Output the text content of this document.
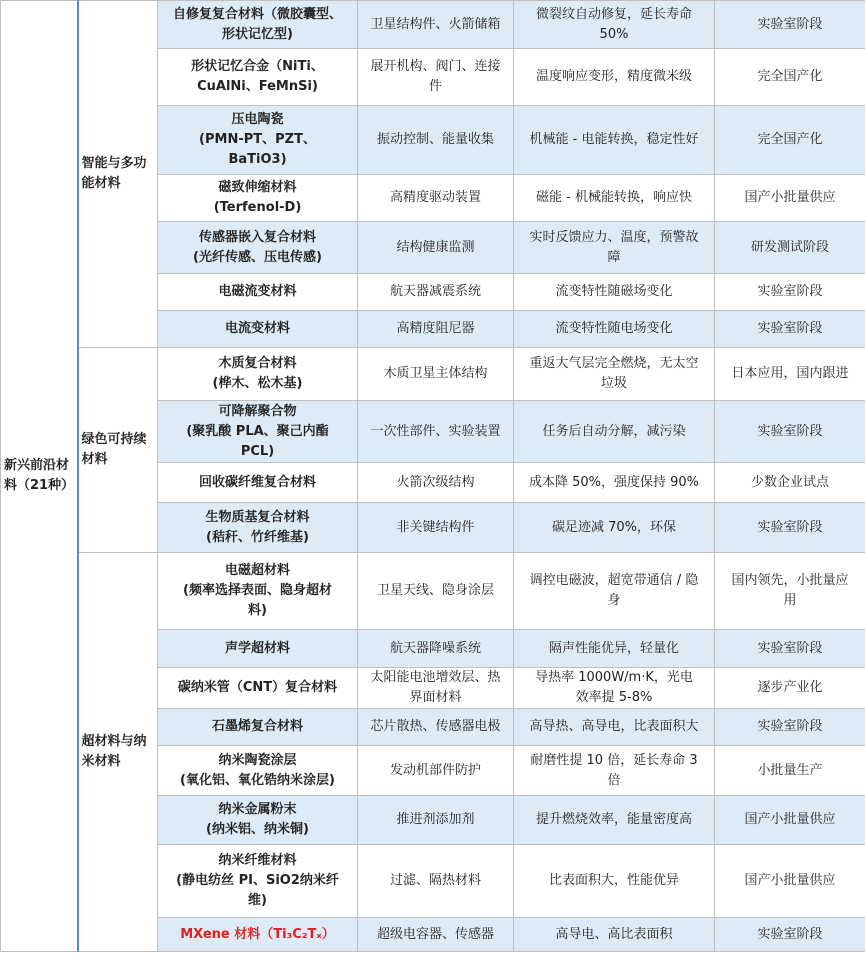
新兴前沿材料（21种）	智能与多功能材料	自修复复合材料（微胶囊型、
形状记忆型)	卫星结构件、火箭储箱	微裂纹自动修复，延长寿命
50%	实验室阶段

		形状记忆合金（NiTi、
CuAlNi、FeMnSi)	展开机构、阀门、连接
件	温度响应变形，精度微米级	完全国产化

		压电陶瓷
(PMN-PT、PZT、
BaTiO3)	振动控制、能量收集	机械能 - 电能转换，稳定性好	完全国产化

		磁致伸缩材料
(Terfenol-D)	高精度驱动装置	磁能 - 机械能转换，响应快	国产小批量供应

		传感器嵌入复合材料
(光纤传感、压电传感)	结构健康监测	实时反馈应力、温度，预警故
障	研发测试阶段

		电磁流变材料	航天器减震系统	流变特性随磁场变化	实验室阶段

		电流变材料	高精度阻尼器	流变特性随电场变化	实验室阶段
	绿色可持续材料	木质复合材料
(桦木、松木基)	木质卫星主体结构	重返大气层完全燃烧，无太空
垃圾	日本应用，国内跟进

		可降解聚合物
(聚乳酸 PLA、聚己内酯
PCL)	一次性部件、实验装置	任务后自动分解，减污染	实验室阶段

		回收碳纤维复合材料	火箭次级结构	成本降 50%，强度保持 90%	少数企业试点

		生物质基复合材料
(秸秆、竹纤维基)	非关键结构件	碳足迹减 70%，环保	实验室阶段
	超材料与纳米材料	电磁超材料
(频率选择表面、隐身超材
料)	卫星天线、隐身涂层	调控电磁波，超宽带通信 / 隐
身	国内领先，小批量应
用

		声学超材料	航天器降噪系统	隔声性能优异，轻量化	实验室阶段

		碳纳米管（CNT）复合材料	太阳能电池增效层、热
界面材料	导热率 1000W/m·K，光电
效率提 5-8%	逐步产业化

		石墨烯复合材料	芯片散热、传感器电极	高导热、高导电，比表面积大	实验室阶段

		纳米陶瓷涂层
(氧化铝、氧化锆纳米涂层)	发动机部件防护	耐磨性提 10 倍，延长寿命 3
倍	小批量生产

		纳米金属粉末
(纳米铝、纳米铜)	推进剂添加剂	提升燃烧效率，能量密度高	国产小批量供应

		纳米纤维材料
(静电纺丝 PI、SiO2纳米纤
维)	过滤、隔热材料	比表面积大，性能优异	国产小批量供应

		MXene 材料（Ti₃C₂Tₓ）	超级电容器、传感器	高导电、高比表面积	实验室阶段
